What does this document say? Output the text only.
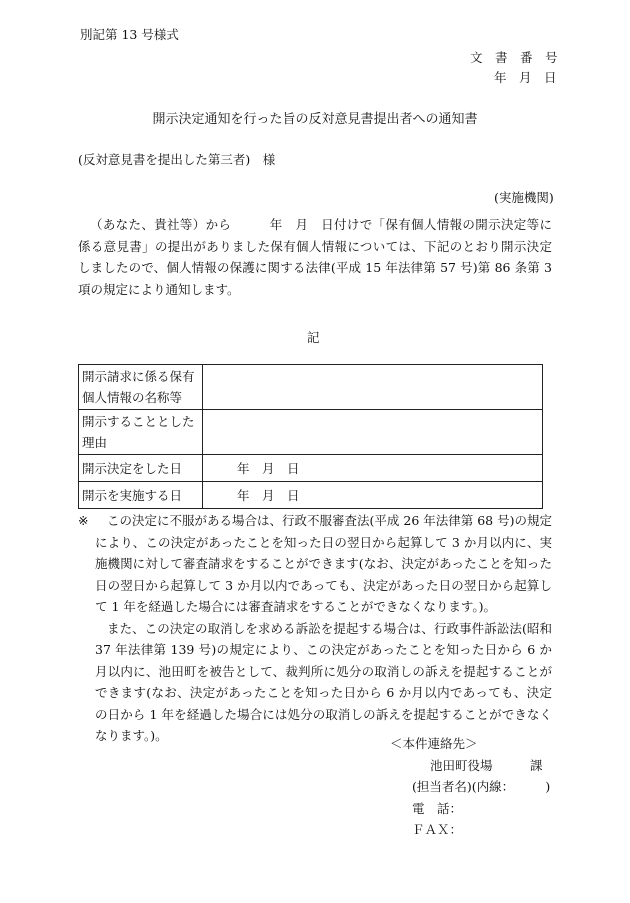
別記第 13 号様式
文　書　番　号
年　月　日
開示決定通知を行った旨の反対意見書提出者への通知書
(反対意見書を提出した第三者)　様
(実施機関)
（あなた、貴社等）から　　　年　月　日付けで「保有個人情報の開示決定等に係る意見書」の提出がありました保有個人情報については、下記のとおり開示決定しましたので、個人情報の保護に関する法律(平成 15 年法律第 57 号)第 86 条第 3 項の規定により通知します。
記
開示請求に係る保有個人情報の名称等	
開示することとした理由	
開示決定をした日	年　月　日
開示を実施する日	年　月　日
※	この決定に不服がある場合は、行政不服審査法(平成 26 年法律第 68 号)の規定により、この決定があったことを知った日の翌日から起算して 3 か月以内に、実施機関に対して審査請求をすることができます(なお、決定があったことを知った日の翌日から起算して 3 か月以内であっても、決定があった日の翌日から起算して 1 年を経過した場合には審査請求をすることができなくなります。)。
また、この決定の取消しを求める訴訟を提起する場合は、行政事件訴訟法(昭和 37 年法律第 139 号)の規定により、この決定があったことを知った日から 6 か月以内に、池田町を被告として、裁判所に処分の取消しの訴えを提起することができます(なお、決定があったことを知った日から 6 か月以内であっても、決定の日から 1 年を経過した場合には処分の取消しの訴えを提起することができなくなります。)。
＜本件連絡先＞
池田町役場　　　課
(担当者名)(内線：　　　)
電　話：
ＦＡＸ：
